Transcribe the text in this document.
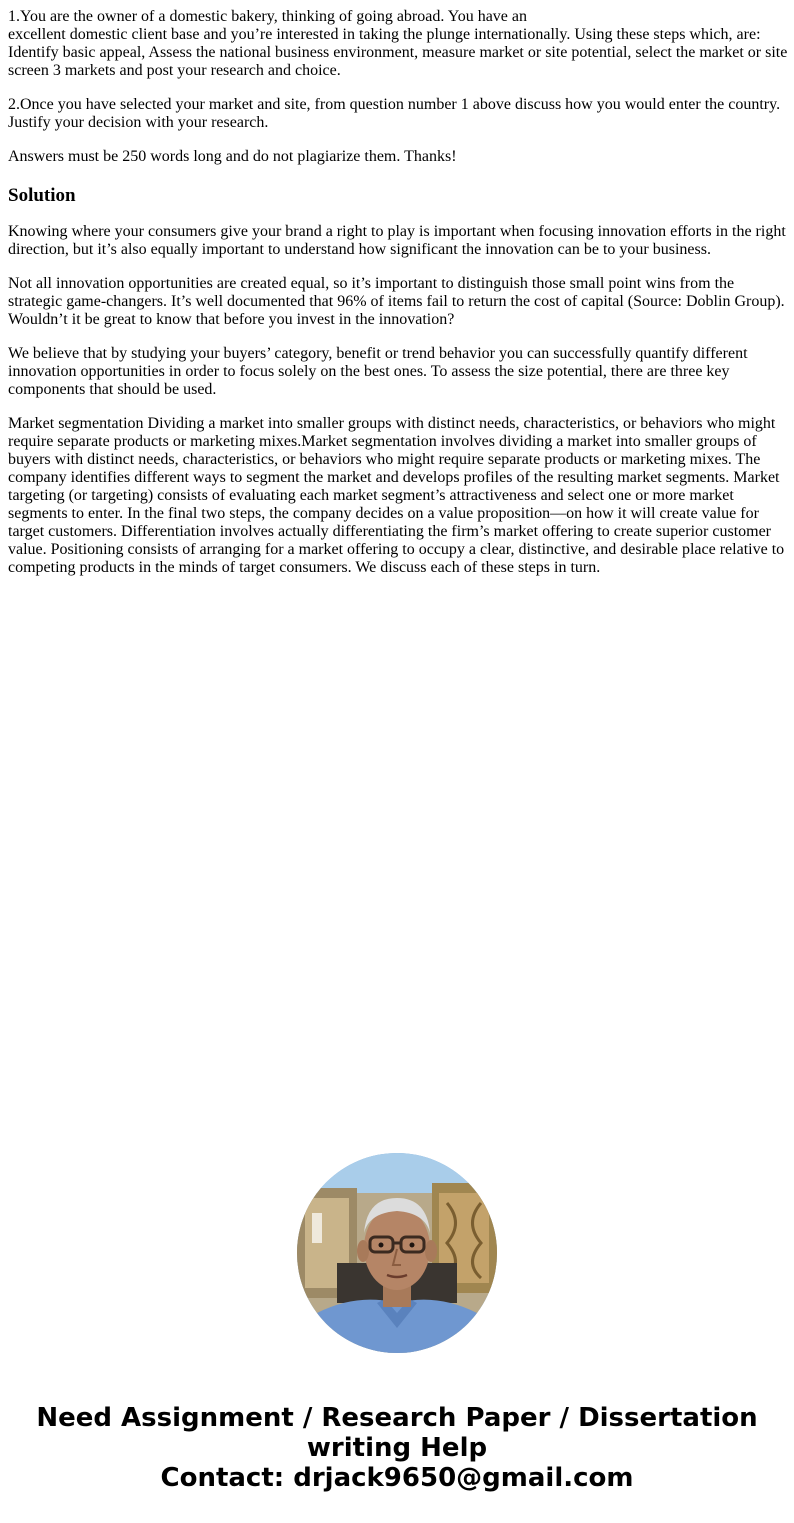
1.You are the owner of a domestic bakery, thinking of going abroad. You have an
excellent domestic client base and you’re interested in taking the plunge internationally. Using these steps which, are: Identify basic appeal, Assess the national business environment, measure market or site potential, select the market or site screen 3 markets and post your research and choice.

2.Once you have selected your market and site, from question number 1 above discuss how you would enter the country. Justify your decision with your research.

Answers must be 250 words long and do not plagiarize them. Thanks!

Solution

Knowing where your consumers give your brand a right to play is important when focusing innovation efforts in the right direction, but it’s also equally important to understand how significant the innovation can be to your business.

Not all innovation opportunities are created equal, so it’s important to distinguish those small point wins from the strategic game-changers. It’s well documented that 96% of items fail to return the cost of capital (Source: Doblin Group). Wouldn’t it be great to know that before you invest in the innovation?

We believe that by studying your buyers’ category, benefit or trend behavior you can successfully quantify different innovation opportunities in order to focus solely on the best ones. To assess the size potential, there are three key components that should be used.

Market segmentation Dividing a market into smaller groups with distinct needs, characteristics, or behaviors who might require separate products or marketing mixes.Market segmentation involves dividing a market into smaller groups of buyers with distinct needs, characteristics, or behaviors who might require separate products or marketing mixes. The company identifies different ways to segment the market and develops profiles of the resulting market segments. Market targeting (or targeting) consists of evaluating each market segment’s attractiveness and select one or more market segments to enter. In the final two steps, the company decides on a value proposition—on how it will create value for target customers. Differentiation involves actually differentiating the firm’s market offering to create superior customer value. Positioning consists of arranging for a market offering to occupy a clear, distinctive, and desirable place relative to competing products in the minds of target consumers. We discuss each of these steps in turn.

Need Assignment / Research Paper / Dissertation
writing Help
Contact: drjack9650@gmail.com
